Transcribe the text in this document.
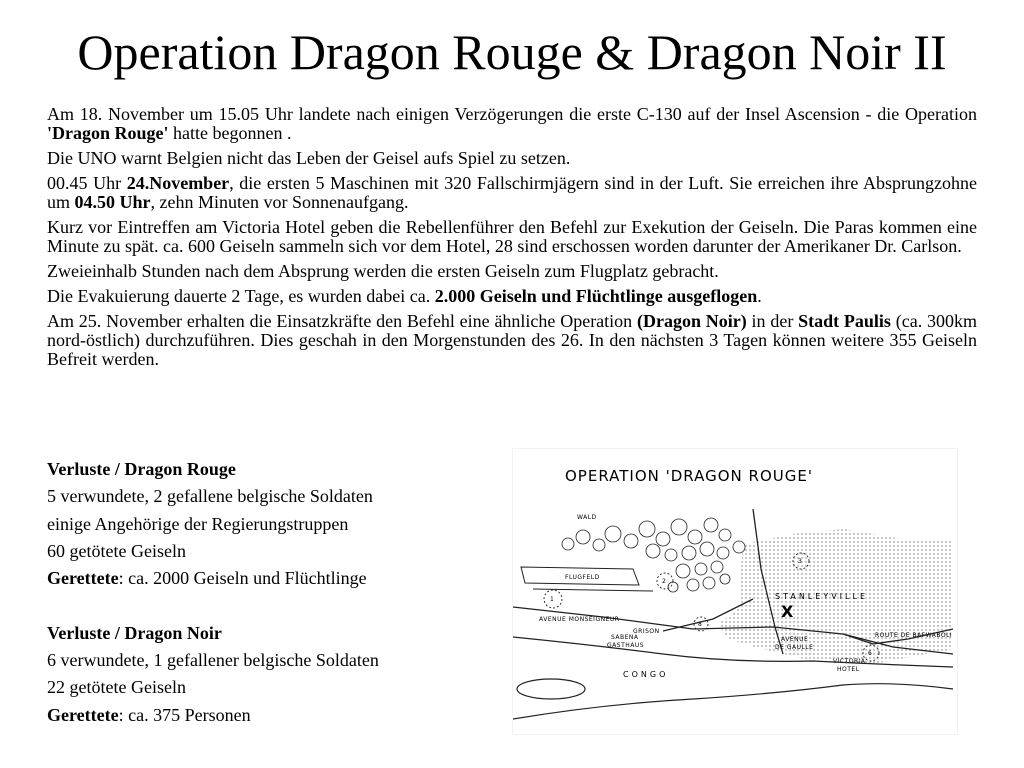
Operation Dragon Rouge & Dragon Noir II

Am 18. November um 15.05 Uhr landete nach einigen Verzögerungen die erste C-130 auf der Insel Ascension - die Operation 'Dragon Rouge' hatte begonnen .

Die UNO warnt Belgien nicht das Leben der Geisel aufs Spiel zu setzen.

00.45 Uhr 24.November, die ersten 5 Maschinen mit 320 Fallschirmjägern sind in der Luft. Sie erreichen ihre Absprungzohne um 04.50 Uhr, zehn Minuten vor Sonnenaufgang.

Kurz vor Eintreffen am Victoria Hotel geben die Rebellenführer den Befehl zur Exekution der Geiseln. Die Paras kommen eine Minute zu spät. ca. 600 Geiseln sammeln sich vor dem Hotel, 28 sind erschossen worden darunter der Amerikaner Dr. Carlson.

Zweieinhalb Stunden nach dem Absprung werden die ersten Geiseln zum Flugplatz gebracht.

Die Evakuierung dauerte 2 Tage, es wurden dabei ca. 2.000 Geiseln und Flüchtlinge ausgeflogen.

Am 25. November erhalten die Einsatzkräfte den Befehl eine ähnliche Operation (Dragon Noir) in der Stadt Paulis (ca. 300km nord-östlich) durchzuführen. Dies geschah in den Morgenstunden des 26. In den nächsten 3 Tagen können weitere 355 Geiseln Befreit werden.

Verluste / Dragon Rouge
5 verwundete, 2 gefallene belgische Soldaten
einige Angehörige der Regierungstruppen
60 getötete Geiseln
Gerettete: ca. 2000 Geiseln und Flüchtlinge
Verluste / Dragon Noir
6 verwundete, 1 gefallener belgische Soldaten
22 getötete Geiseln
Gerettete: ca. 375 Personen
OPERATION 'DRAGON ROUGE'
WALD
FLUGFELD
AVENUE MONSEIGNEUR
GRISON
SABENA
GASTHAUS
STANLEYVILLE
AVENUE
DE GAULLE
ROUTE DE BAFWABOLI
VICTORIA
HOTEL
X
CONGO
1
2
3
6
8
